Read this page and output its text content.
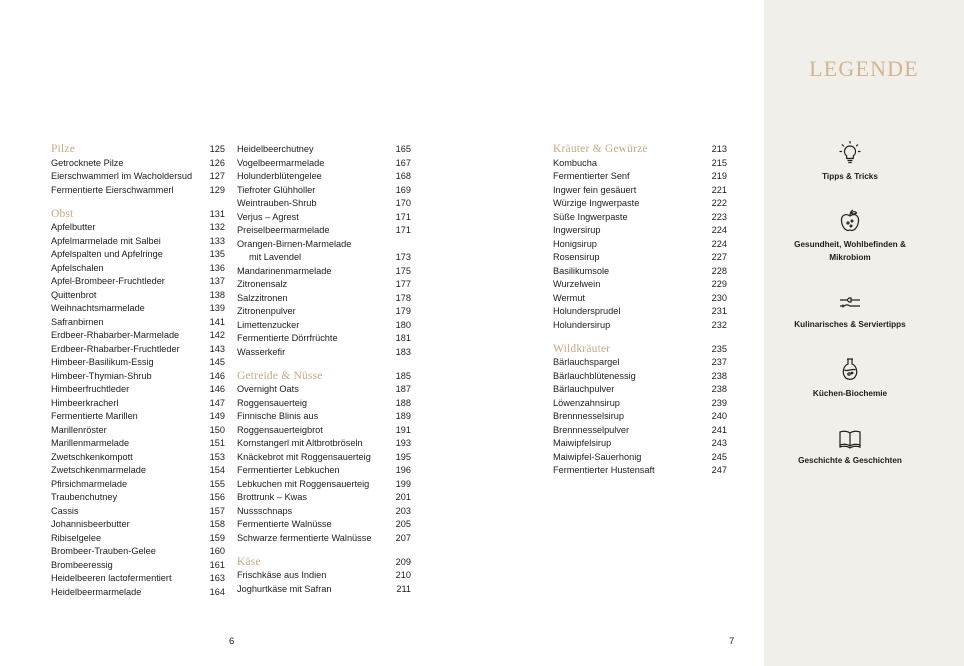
Pilze	125
Getrocknete Pilze	126
Eierschwammerl im Wacholdersud	127
Fermentierte Eierschwammerl	129
Obst	131
Apfelbutter	132
Apfelmarmelade mit Salbei	133
Apfelspalten und Apfelringe	135
Apfelschalen	136
Apfel-Brombeer-Fruchtleder	137
Quittenbrot	138
Weihnachtsmarmelade	139
Safranbirnen	141
Erdbeer-Rhabarber-Marmelade	142
Erdbeer-Rhabarber-Fruchtleder	143
Himbeer-Basilikum-Essig	145
Himbeer-Thymian-Shrub	146
Himbeerfruchtleder	146
Himbeerkracherl	147
Fermentierte Marillen	149
Marillenröster	150
Marillenmarmelade	151
Zwetschkenkompott	153
Zwetschkenmarmelade	154
Pfirsichmarmelade	155
Traubenchutney	156
Cassis	157
Johannisbeerbutter	158
Ribiselgelee	159
Brombeer-Trauben-Gelee	160
Brombeeressig	161
Heidelbeeren lactofermentiert	163
Heidelbeermarmelade	164
Heidelbeerchutney	165
Vogelbeermarmelade	167
Holunderblütengelee	168
Tiefroter Glühholler	169
Weintrauben-Shrub	170
Verjus – Agrest	171
Preiselbeermarmelade	171
Orangen-Birnen-Marmelade
mit Lavendel	173
Mandarinenmarmelade	175
Zitronensalz	177
Salzzitronen	178
Zitronenpulver	179
Limettenzucker	180
Fermentierte Dörrfrüchte	181
Wasserkefir	183
Getreide & Nüsse	185
Overnight Oats	187
Roggensauerteig	188
Finnische Blinis aus	189
Roggensauerteigbrot	191
Kornstangerl mit Altbrotbröseln	193
Knäckebrot mit Roggensauerteig	195
Fermentierter Lebkuchen	196
Lebkuchen mit Roggensauerteig	199
Brottrunk – Kwas	201
Nussschnaps	203
Fermentierte Walnüsse	205
Schwarze fermentierte Walnüsse	207
Käse	209
Frischkäse aus Indien	210
Joghurtkäse mit Safran	211
6
Kräuter & Gewürze	213
Kombucha	215
Fermentierter Senf	219
Ingwer fein gesäuert	221
Würzige Ingwerpaste	222
Süße Ingwerpaste	223
Ingwersirup	224
Honigsirup	224
Rosensirup	227
Basilikumsole	228
Wurzelwein	229
Wermut	230
Holundersprudel	231
Holundersirup	232
Wildkräuter	235
Bärlauchspargel	237
Bärlauchblütenessig	238
Bärlauchpulver	238
Löwenzahnsirup	239
Brennnesselsirup	240
Brennnesselpulver	241
Maiwipfelsirup	243
Maiwipfel-Sauerhonig	245
Fermentierter Hustensaft	247
7
LEGENDE
Tipps & Tricks
Gesundheit, Wohlbefinden & Mikrobiom
Kulinarisches & Serviertipps
Küchen-Biochemie
Geschichte & Geschichten
